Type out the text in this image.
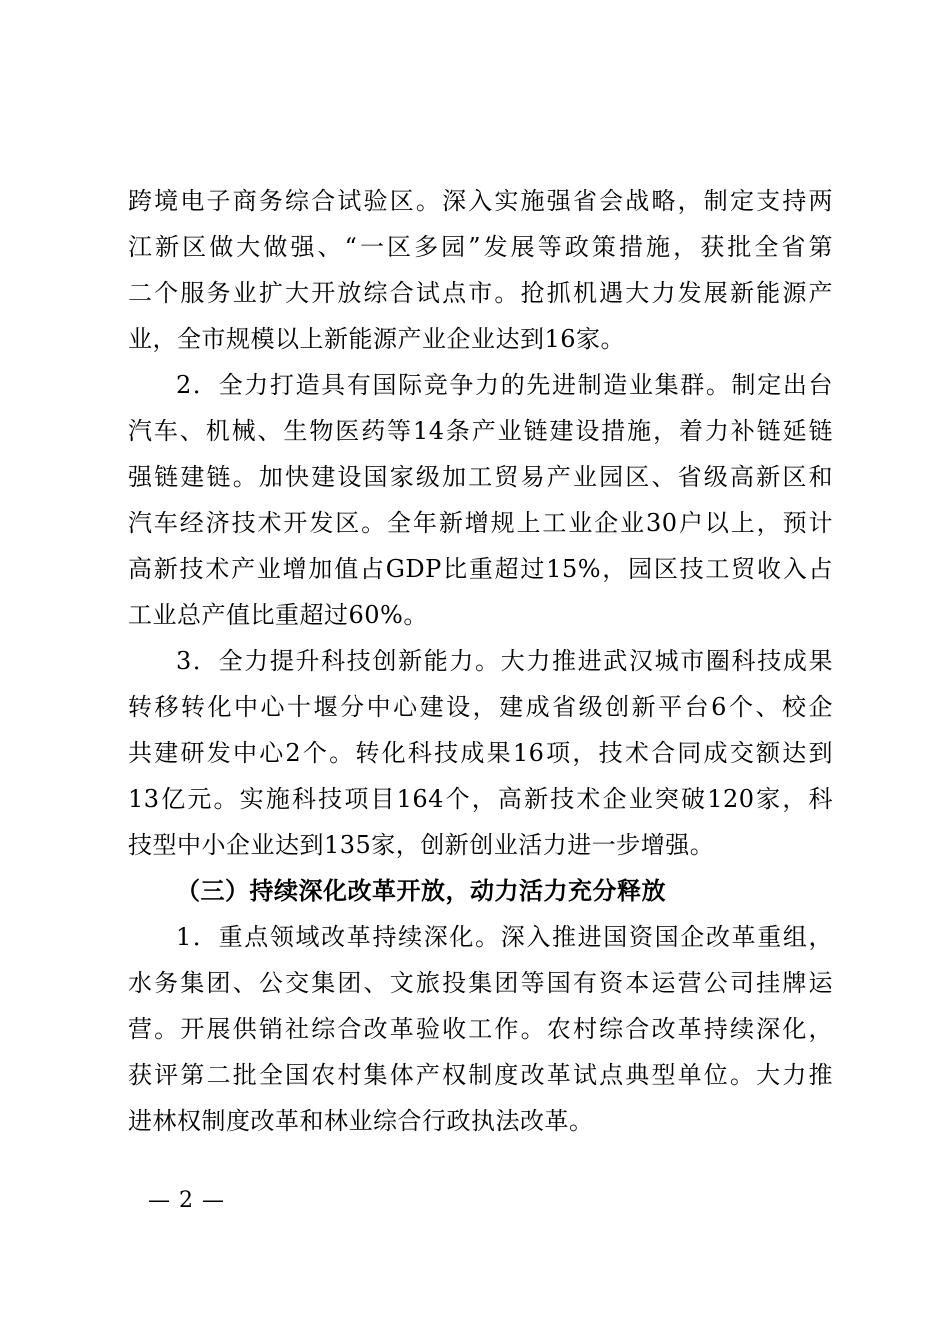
跨境电子商务综合试验区。深入实施强省会战略，制定支持两
江新区做大做强、“一区多园”发展等政策措施，获批全省第
二个服务业扩大开放综合试点市。抢抓机遇大力发展新能源产
业，全市规模以上新能源产业企业达到16家。
2．全力打造具有国际竞争力的先进制造业集群。制定出台
汽车、机械、生物医药等14条产业链建设措施，着力补链延链
强链建链。加快建设国家级加工贸易产业园区、省级高新区和
汽车经济技术开发区。全年新增规上工业企业30户以上，预计
高新技术产业增加值占GDP比重超过15%，园区技工贸收入占
工业总产值比重超过60%。
3．全力提升科技创新能力。大力推进武汉城市圈科技成果
转移转化中心十堰分中心建设，建成省级创新平台6个、校企
共建研发中心2个。转化科技成果16项，技术合同成交额达到
13亿元。实施科技项目164个，高新技术企业突破120家，科
技型中小企业达到135家，创新创业活力进一步增强。
（三）持续深化改革开放，动力活力充分释放
1．重点领域改革持续深化。深入推进国资国企改革重组，
水务集团、公交集团、文旅投集团等国有资本运营公司挂牌运
营。开展供销社综合改革验收工作。农村综合改革持续深化，
获评第二批全国农村集体产权制度改革试点典型单位。大力推
进林权制度改革和林业综合行政执法改革。
— 2 —
